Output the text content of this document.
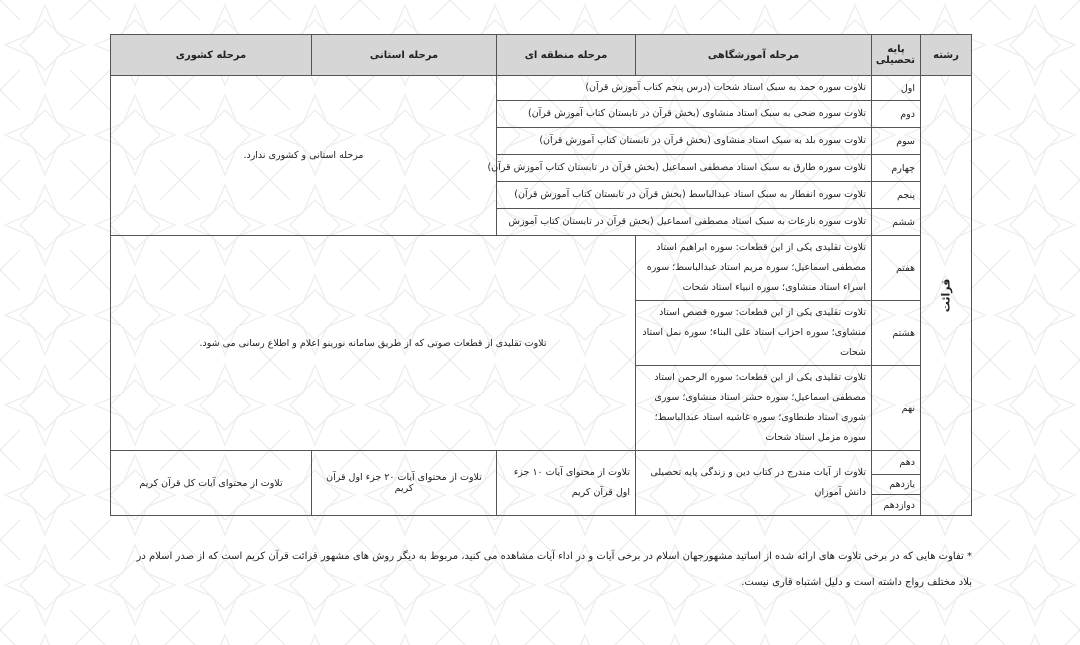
رشته	پایه تحصیلی	مرحله آموزشگاهی	مرحله منطقه ای	مرحله استانی	مرحله کشوری
قرائت	اول	تلاوت سوره حمد به سبک استاد شحات (درس پنجم کتاب آموزش قرآن)		مرحله استانی و کشوری ندارد.	
	دوم	تلاوت سوره ضحی به سبک استاد منشاوی (بخش قرآن در تابستان کتاب آموزش قرآن)			
	سوم	تلاوت سوره بلد به سبک استاد منشاوی (بخش قرآن در تابستان کتاب آموزش قرآن)			
	چهارم	تلاوت سوره طارق به سبک استاد مصطفی اسماعیل (بخش قرآن در تابستان کتاب آموزش قرآن)			
	پنجم	تلاوت سوره انفطار به سبک استاد عبدالباسط (بخش قرآن در تابستان کتاب آموزش قرآن)			
	ششم	تلاوت سوره نازعات به سبک استاد مصطفی اسماعیل (بخش قرآن در تابستان کتاب آموزش			
	هفتم	تلاوت تقلیدی یکی از این قطعات: سوره ابراهیم استاد مصطفی اسماعیل؛ سوره مریم استاد عبدالباسط؛ سوره اسراء استاد منشاوی؛ سوره انبیاء استاد شحات	تلاوت تقلیدی از قطعات صوتی که از طریق سامانه نورینو اعلام و اطلاع رسانی می شود.		
	هشتم	تلاوت تقلیدی یکی از این قطعات: سوره قصص استاد منشاوی؛ سوره احزاب استاد علی البناء؛ سوره نمل استاد شحات			
	نهم	تلاوت تقلیدی یکی از این قطعات: سوره الرحمن استاد مصطفی اسماعیل؛ سوره حشر استاد منشاوی؛ سوری شوری استاد طنطاوی؛ سوره غاشیه استاد عبدالباسط؛ سوره مزمل استاد شحات			
	دهم	تلاوت از آیات مندرج در کتاب دین و زندگی پایه تحصیلی دانش آموزان	تلاوت از محتوای آیات ۱۰ جزء اول قرآن کریم	تلاوت از محتوای آیات ۲۰ جزء اول قرآن کریم	تلاوت از محتوای آیات کل قرآن کریم
	یازدهم				
	دوازدهم				
* تفاوت هایی که در برخی تلاوت های ارائه شده از اساتید مشهورجهان اسلام در برخی آیات و در اداء آیات مشاهده می کنید، مربوط به دیگر روش های مشهور قرائت قرآن کریم است که از صدر اسلام در بلاد مختلف رواج داشته است و دلیل اشتباه قاری نیست.
